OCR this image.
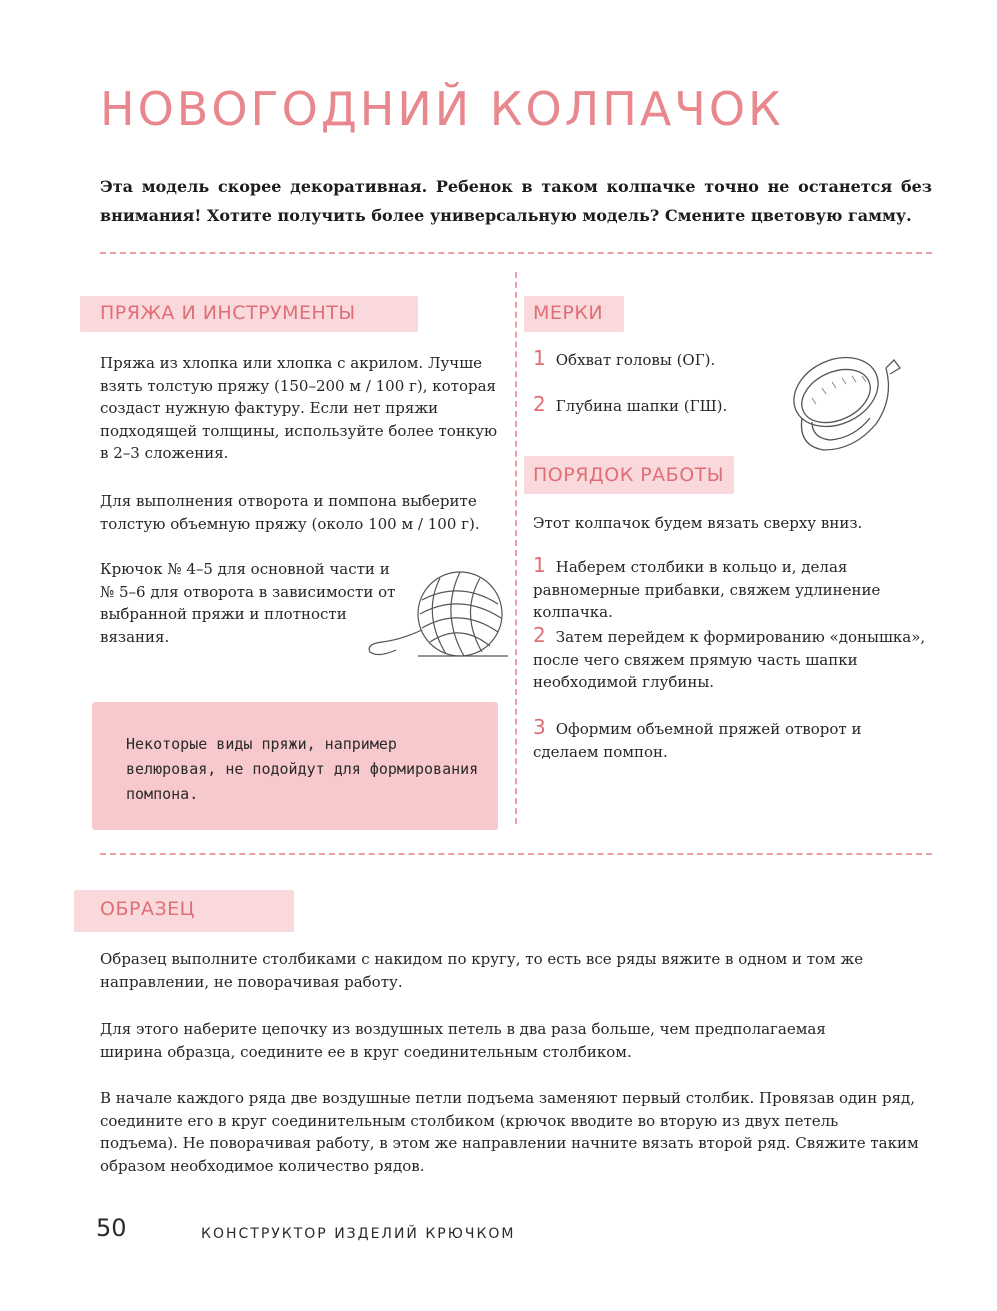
НОВОГОДНИЙ КОЛПАЧОК

Эта модель скорее декоративная. Ребенок в таком колпачке точно не останется без внимания! Хотите получить более универсальную модель? Смените цветовую гамму.

ПРЯЖА И ИНСТРУМЕНТЫ

Пряжа из хлопка или хлопка с акрилом. Лучше взять толстую пряжу (150–200 м / 100 г), которая создаст нужную фактуру. Если нет пряжи подходящей толщины, используйте более тонкую в 2–3 сложения.

Для выполнения отворота и помпона выберите толстую объемную пряжу (около 100 м / 100 г).

Крючок № 4–5 для основной части и № 5–6 для отворота в зависимости от выбранной пряжи и плотности вязания.

Некоторые виды пряжи, например велюровая, не подойдут для формирования помпона.

МЕРКИ
1 Обхват головы (ОГ).
2 Глубина шапки (ГШ).
ПОРЯДОК РАБОТЫ

Этот колпачок будем вязать сверху вниз.

1 Наберем столбики в кольцо и, делая равномерные прибавки, свяжем удлинение колпачка.

2 Затем перейдем к формированию «донышка», после чего свяжем прямую часть шапки необходимой глубины.

3 Оформим объемной пряжей отворот и сделаем помпон.

ОБРАЗЕЦ

Образец выполните столбиками с накидом по кругу, то есть все ряды вяжите в одном и том же направлении, не поворачивая работу.

Для этого наберите цепочку из воздушных петель в два раза больше, чем предполагаемая ширина образца, соедините ее в круг соединительным столбиком.

В начале каждого ряда две воздушные петли подъема заменяют первый столбик. Провязав один ряд, соедините его в круг соединительным столбиком (крючок вводите во вторую из двух петель подъема). Не поворачивая работу, в этом же направлении начните вязать второй ряд. Свяжите таким образом необходимое количество рядов.

50	КОНСТРУКТОР ИЗДЕЛИЙ КРЮЧКОМ
